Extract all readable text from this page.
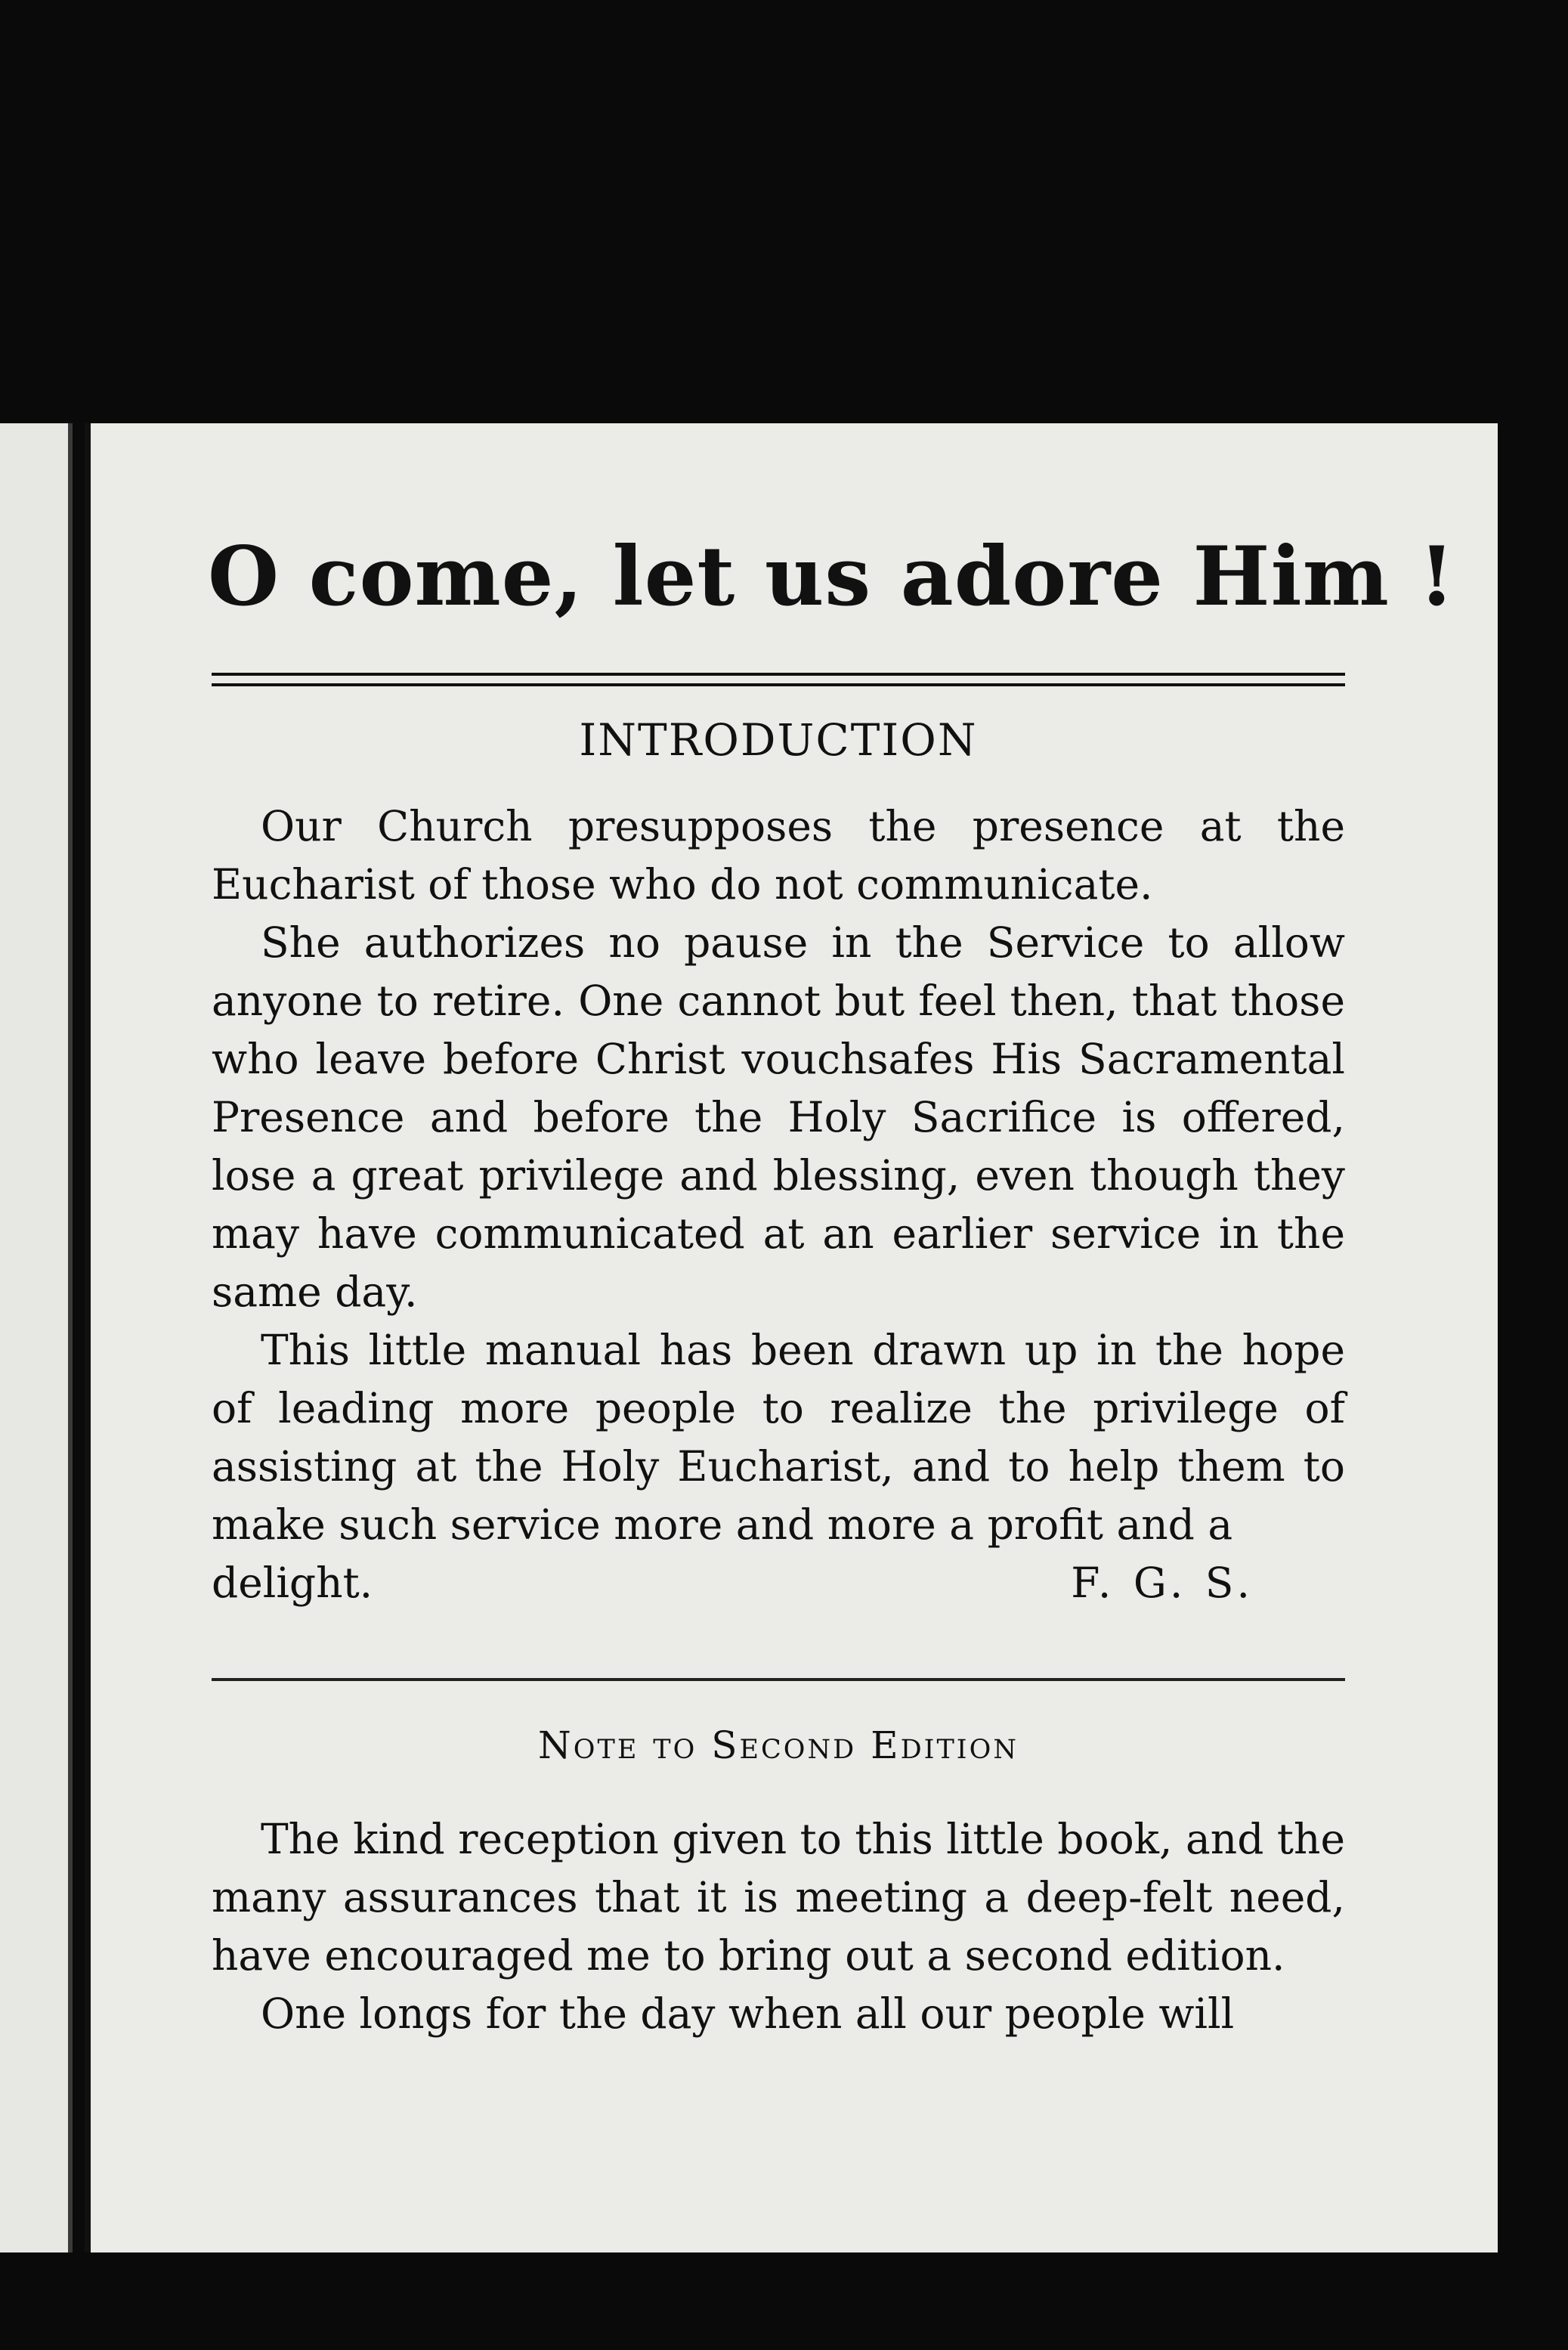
O come, let us adore Him !
INTRODUCTION

Our Church presupposes the presence at the Eucharist of those who do not communicate.

She authorizes no pause in the Service to allow anyone to retire. One cannot but feel then, that those who leave before Christ vouchsafes His Sacramental Presence and before the Holy Sacrifice is offered, lose a great privilege and blessing, even though they may have communicated at an earlier service in the same day.

This little manual has been drawn up in the hope of leading more people to realize the privilege of assisting at the Holy Eucharist, and to help them to make such service more and more a profit and a

delight.	F. G. S.

Note to Second Edition

The kind reception given to this little book, and the many assurances that it is meeting a deep-felt need, have encouraged me to bring out a second edition.

One longs for the day when all our people will
